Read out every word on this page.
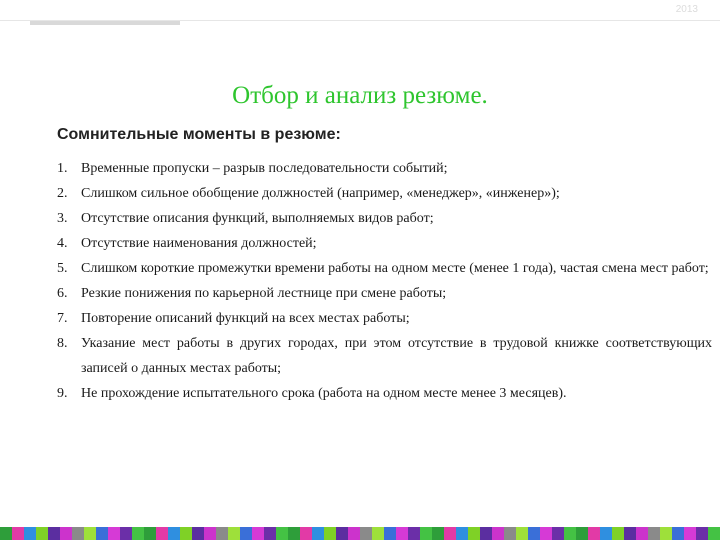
2013
Отбор и анализ резюме.
Сомнительные моменты в резюме:
1. Временные пропуски – разрыв последовательности событий;
2. Слишком сильное обобщение должностей (например, «менеджер», «инженер»);
3. Отсутствие описания функций, выполняемых видов работ;
4. Отсутствие наименования должностей;
5. Слишком короткие промежутки времени работы на одном месте (менее 1 года), частая смена мест работ;
6. Резкие понижения по карьерной лестнице при смене работы;
7. Повторение описаний функций на всех местах работы;
8. Указание мест работы в других городах, при этом отсутствие в трудовой книжке соответствующих записей о данных местах работы;
9. Не прохождение испытательного срока (работа на одном месте менее 3 месяцев).
